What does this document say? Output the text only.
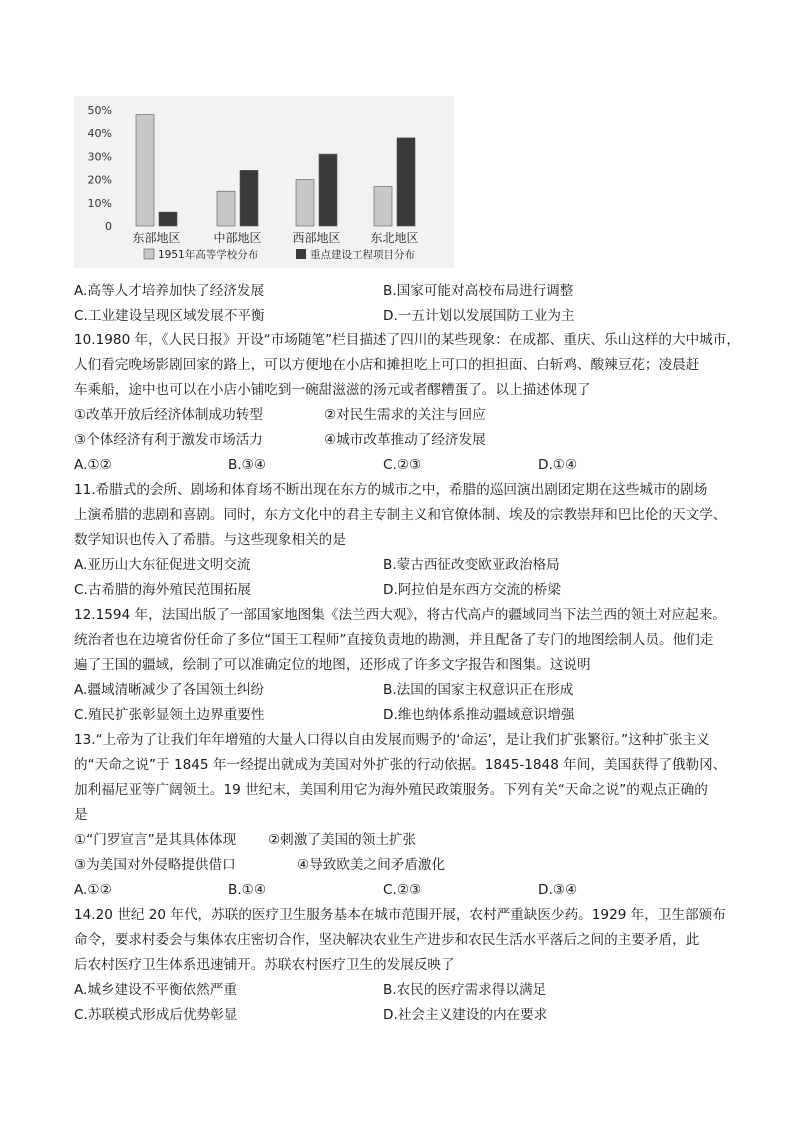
50%
40%
30%
20%
10%
0
东部地区	中部地区	西部地区 东北地区
1951年高等学校分布	重点建设工程项目分布
A.高等人才培养加快了经济发展	B.国家可能对高校布局进行调整
C.工业建设呈现区域发展不平衡	D.一五计划以发展国防工业为主
10.1980 年，《人民日报》开设“市场随笔”栏目描述了四川的某些现象：在成都、重庆、乐山这样的大中城市，
人们看完晚场影剧回家的路上，可以方便地在小店和摊担吃上可口的担担面、白斩鸡、酸辣豆花；凌晨赶
车乘船，途中也可以在小店小铺吃到一碗甜滋滋的汤元或者醪糟蛋了。以上描述体现了
①改革开放后经济体制成功转型	②对民生需求的关注与回应
③个体经济有利于激发市场活力	④城市改革推动了经济发展
A.①②	B.③④	C.②③	D.①④
11.希腊式的会所、剧场和体育场不断出现在东方的城市之中，希腊的巡回演出剧团定期在这些城市的剧场
上演希腊的悲剧和喜剧。同时，东方文化中的君主专制主义和官僚体制、埃及的宗教崇拜和巴比伦的天文学、
数学知识也传入了希腊。与这些现象相关的是
A.亚历山大东征促进文明交流	B.蒙古西征改变欧亚政治格局
C.古希腊的海外殖民范围拓展	D.阿拉伯是东西方交流的桥梁
12.1594 年，法国出版了一部国家地图集《法兰西大观》，将古代高卢的疆域同当下法兰西的领土对应起来。
统治者也在边境省份任命了多位“国王工程师”直接负责地的勘测，并且配备了专门的地图绘制人员。他们走
遍了王国的疆域，绘制了可以准确定位的地图，还形成了许多文字报告和图集。这说明
A.疆域清晰减少了各国领土纠纷	B.法国的国家主权意识正在形成
C.殖民扩张彰显领土边界重要性	D.维也纳体系推动疆域意识增强
13.“上帝为了让我们年年增殖的大量人口得以自由发展而赐予的‘命运’，是让我们扩张繁衍。”这种扩张主义
的“天命之说”于 1845 年一经提出就成为美国对外扩张的行动依据。1845-1848 年间，美国获得了俄勒冈、
加利福尼亚等广阔领土。19 世纪末，美国利用它为海外殖民政策服务。下列有关“天命之说”的观点正确的
是
①“门罗宣言”是其具体体现 ②刺激了美国的领土扩张
③为美国对外侵略提供借口	④导致欧美之间矛盾激化
A.①②	B.①④	C.②③	D.③④
14.20 世纪 20 年代，苏联的医疗卫生服务基本在城市范围开展，农村严重缺医少药。1929 年，卫生部颁布
命令，要求村委会与集体农庄密切合作，坚决解决农业生产进步和农民生活水平落后之间的主要矛盾，此
后农村医疗卫生体系迅速铺开。苏联农村医疗卫生的发展反映了
A.城乡建设不平衡依然严重	B.农民的医疗需求得以满足
C.苏联模式形成后优势彰显	D.社会主义建设的内在要求
